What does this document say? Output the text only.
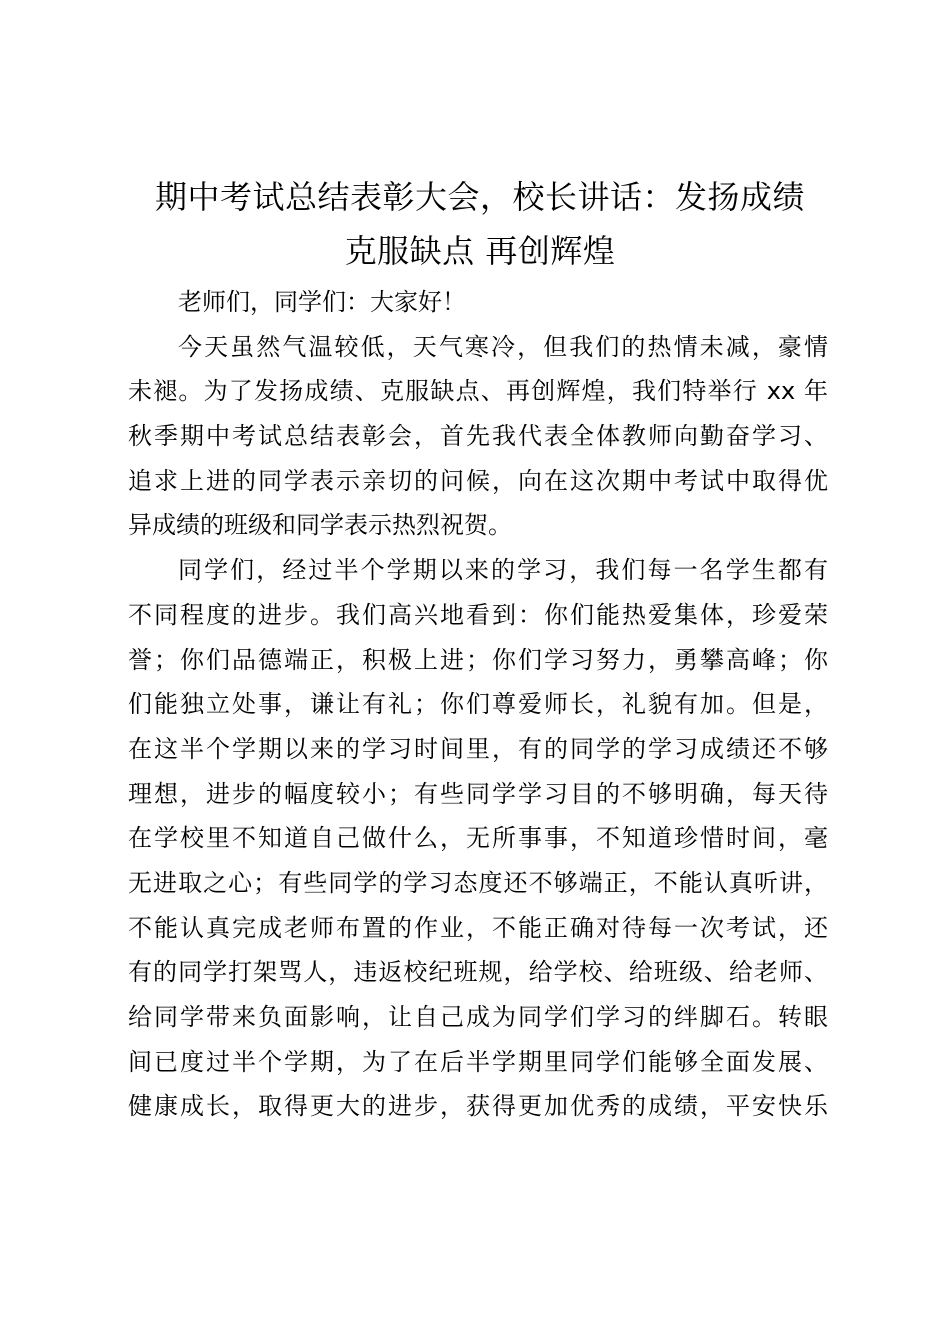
期中考试总结表彰大会，校长讲话：发扬成绩
克服缺点 再创辉煌
老师们，同学们：大家好！
今天虽然气温较低，天气寒冷，但我们的热情未减，豪情
未褪。为了发扬成绩、克服缺点、再创辉煌，我们特举行 xx 年
秋季期中考试总结表彰会，首先我代表全体教师向勤奋学习、
追求上进的同学表示亲切的问候，向在这次期中考试中取得优
异成绩的班级和同学表示热烈祝贺。
同学们，经过半个学期以来的学习，我们每一名学生都有
不同程度的进步。我们高兴地看到：你们能热爱集体，珍爱荣
誉；你们品德端正，积极上进；你们学习努力，勇攀高峰；你
们能独立处事，谦让有礼；你们尊爱师长，礼貌有加。但是，
在这半个学期以来的学习时间里，有的同学的学习成绩还不够
理想，进步的幅度较小；有些同学学习目的不够明确，每天待
在学校里不知道自己做什么，无所事事，不知道珍惜时间，毫
无进取之心；有些同学的学习态度还不够端正，不能认真听讲，
不能认真完成老师布置的作业，不能正确对待每一次考试，还
有的同学打架骂人，违返校纪班规，给学校、给班级、给老师、
给同学带来负面影响，让自己成为同学们学习的绊脚石。转眼
间已度过半个学期，为了在后半学期里同学们能够全面发展、
健康成长，取得更大的进步，获得更加优秀的成绩，平安快乐
